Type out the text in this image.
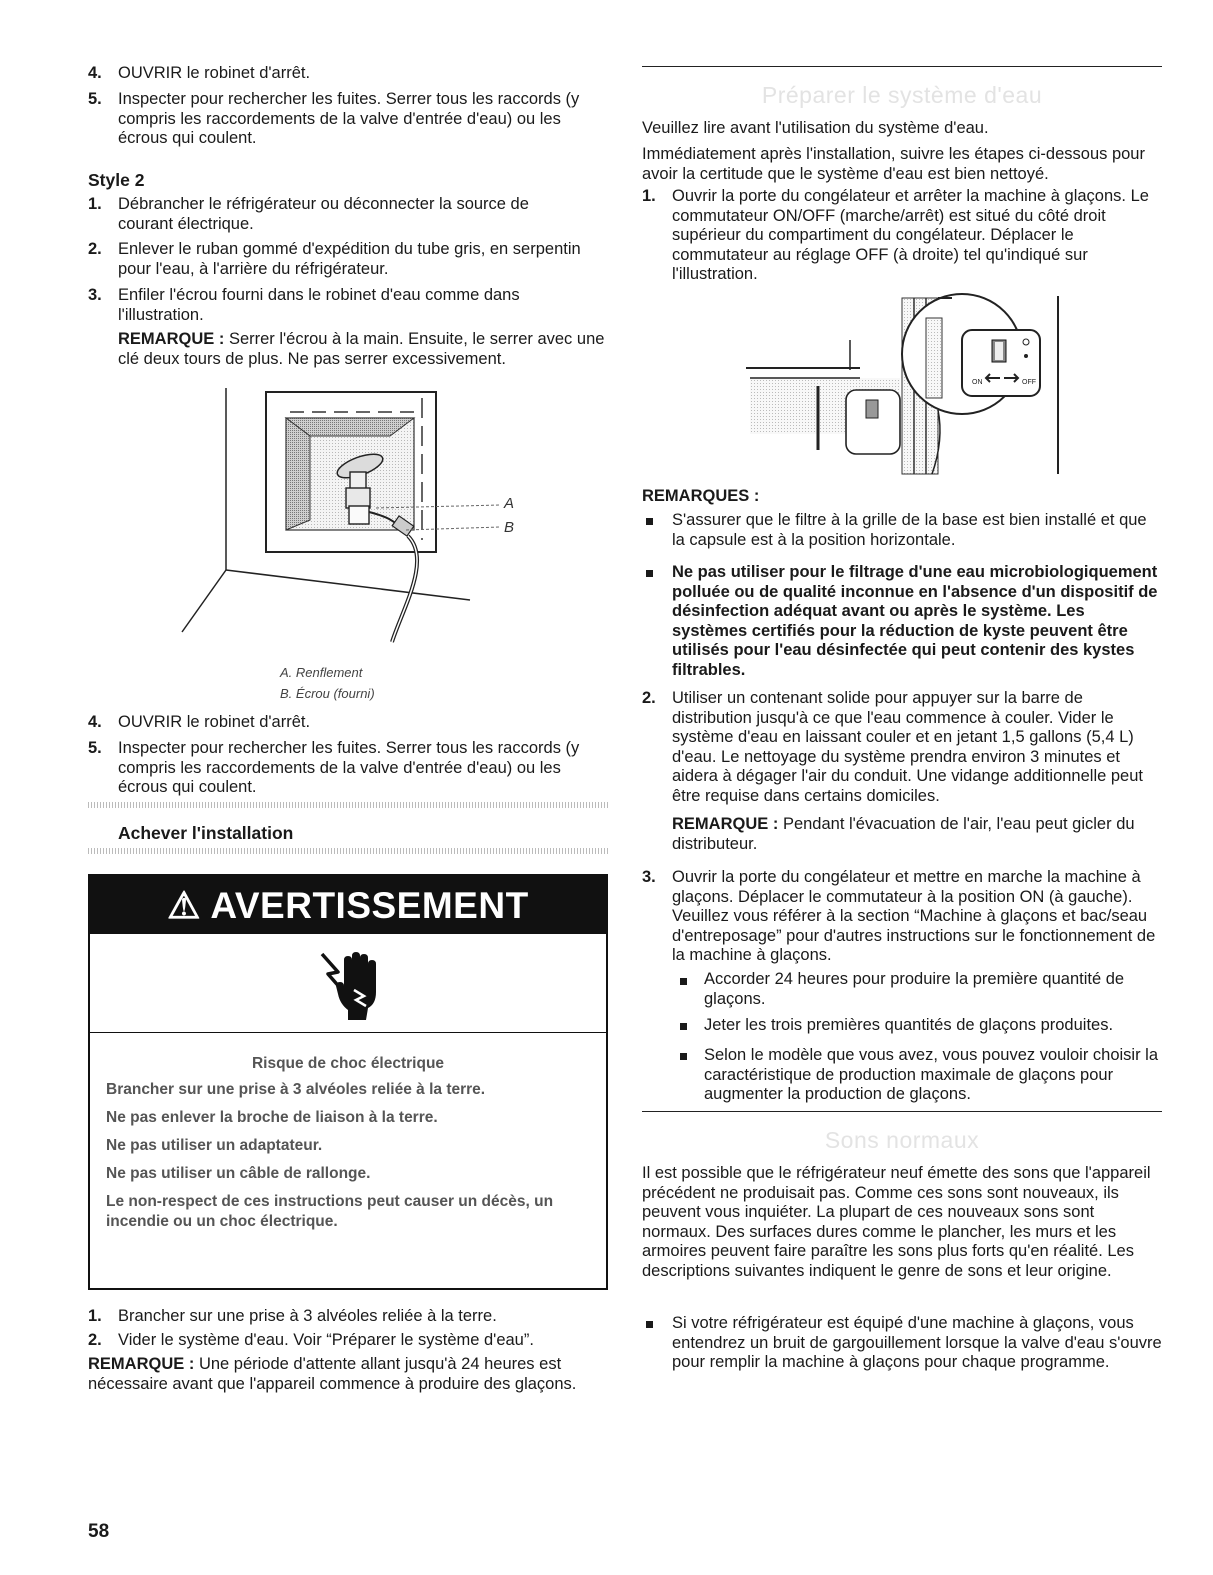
4. OUVRIR le robinet d'arrêt.
5. Inspecter pour rechercher les fuites. Serrer tous les raccords (y compris les raccordements de la valve d'entrée d'eau) ou les écrous qui coulent.
Style 2
1. Débrancher le réfrigérateur ou déconnecter la source de courant électrique.
2. Enlever le ruban gommé d'expédition du tube gris, en serpentin pour l'eau, à l'arrière du réfrigérateur.
3. Enfiler l'écrou fourni dans le robinet d'eau comme dans l'illustration.
REMARQUE : Serrer l'écrou à la main. Ensuite, le serrer avec une clé deux tours de plus. Ne pas serrer excessivement.
A
B
A. Renflement
B. Écrou (fourni)
4. OUVRIR le robinet d'arrêt.
5. Inspecter pour rechercher les fuites. Serrer tous les raccords (y compris les raccordements de la valve d'entrée d'eau) ou les écrous qui coulent.
Achever l'installation
⚠ AVERTISSEMENT
Risque de choc électrique
Brancher sur une prise à 3 alvéoles reliée à la terre.
Ne pas enlever la broche de liaison à la terre.
Ne pas utiliser un adaptateur.
Ne pas utiliser un câble de rallonge.
Le non-respect de ces instructions peut causer un décès, un incendie ou un choc électrique.
1. Brancher sur une prise à 3 alvéoles reliée à la terre.
2. Vider le système d'eau. Voir “Préparer le système d'eau”.
REMARQUE : Une période d'attente allant jusqu'à 24 heures est nécessaire avant que l'appareil commence à produire des glaçons.
Préparer le système d'eau
Veuillez lire avant l'utilisation du système d'eau.
Immédiatement après l'installation, suivre les étapes ci-dessous pour avoir la certitude que le système d'eau est bien nettoyé.
1. Ouvrir la porte du congélateur et arrêter la machine à glaçons. Le commutateur ON/OFF (marche/arrêt) est situé du côté droit supérieur du compartiment du congélateur. Déplacer le commutateur au réglage OFF (à droite) tel qu'indiqué sur l'illustration.
ON	OFF
REMARQUES :
S'assurer que le filtre à la grille de la base est bien installé et que la capsule est à la position horizontale.
Ne pas utiliser pour le filtrage d'une eau microbiologiquement polluée ou de qualité inconnue en l'absence d'un dispositif de désinfection adéquat avant ou après le système. Les systèmes certifiés pour la réduction de kyste peuvent être utilisés pour l'eau désinfectée qui peut contenir des kystes filtrables.
2. Utiliser un contenant solide pour appuyer sur la barre de distribution jusqu'à ce que l'eau commence à couler. Vider le système d'eau en laissant couler et en jetant 1,5 gallons (5,4 L) d'eau. Le nettoyage du système prendra environ 3 minutes et aidera à dégager l'air du conduit. Une vidange additionnelle peut être requise dans certains domiciles.
REMARQUE : Pendant l'évacuation de l'air, l'eau peut gicler du distributeur.
3. Ouvrir la porte du congélateur et mettre en marche la machine à glaçons. Déplacer le commutateur à la position ON (à gauche). Veuillez vous référer à la section “Machine à glaçons et bac/seau d'entreposage” pour d'autres instructions sur le fonctionnement de la machine à glaçons.
Accorder 24 heures pour produire la première quantité de glaçons.
Jeter les trois premières quantités de glaçons produites.
Selon le modèle que vous avez, vous pouvez vouloir choisir la caractéristique de production maximale de glaçons pour augmenter la production de glaçons.
Sons normaux
Il est possible que le réfrigérateur neuf émette des sons que l'appareil précédent ne produisait pas. Comme ces sons sont nouveaux, ils peuvent vous inquiéter. La plupart de ces nouveaux sons sont normaux. Des surfaces dures comme le plancher, les murs et les armoires peuvent faire paraître les sons plus forts qu'en réalité. Les descriptions suivantes indiquent le genre de sons et leur origine.
Si votre réfrigérateur est équipé d'une machine à glaçons, vous entendrez un bruit de gargouillement lorsque la valve d'eau s'ouvre pour remplir la machine à glaçons pour chaque programme.
58
